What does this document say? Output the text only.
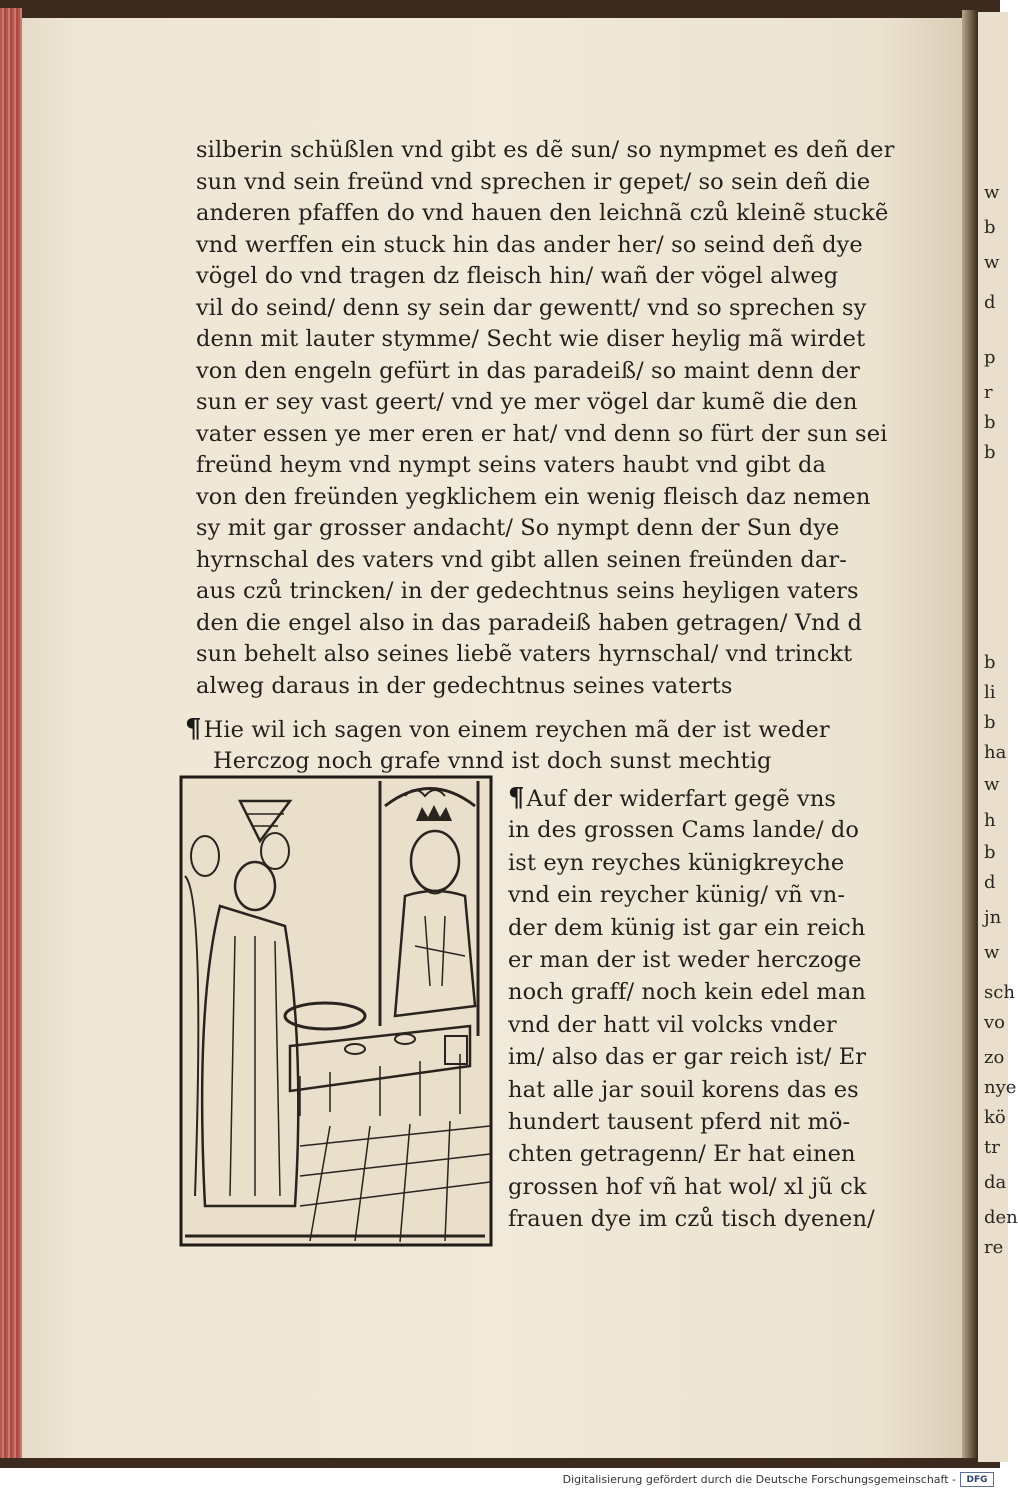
w
b
w
d
p
r
b
b
b
li
b
ha
w
h
b
d
jn
w
sch
vo
zo
nye
kö
tr
da
den
re
silberin schüßlen vnd gibt es dẽ sun/ so nympmet es deñ der
sun vnd sein freünd vnd sprechen ir gepet/ so sein deñ die
anderen pfaffen do vnd hauen den leichnã czů kleinẽ stuckẽ
vnd werffen ein stuck hin das ander her/ so seind deñ dye
vögel do vnd tragen dz fleisch hin/ wañ der vögel alweg
vil do seind/ denn sy sein dar gewentt/ vnd so sprechen sy
denn mit lauter stymme/ Secht wie diser heylig mã wirdet
von den engeln gefürt in das paradeiß/ so maint denn der
sun er sey vast geert/ vnd ye mer vögel dar kumẽ die den
vater essen ye mer eren er hat/ vnd denn so fürt der sun sei
freünd heym vnd nympt seins vaters haubt vnd gibt da
von den freünden yegklichem ein wenig fleisch daz nemen
sy mit gar grosser andacht/ So nympt denn der Sun dye
hyrnschal des vaters vnd gibt allen seinen freünden dar-
aus czů trincken/ in der gedechtnus seins heyligen vaters
den die engel also in das paradeiß haben getragen/ Vnd d
sun behelt also seines liebẽ vaters hyrnschal/ vnd trinckt
alweg daraus in der gedechtnus seines vaterts
¶Hie wil ich sagen von einem reychen mã der ist weder
Herczog noch grafe vnnd ist doch sunst mechtig
¶Auf der widerfart gegẽ vns
in des grossen Cams lande/ do
ist eyn reyches künigkreyche
vnd ein reycher künig/ vñ vn-
der dem künig ist gar ein reich
er man der ist weder herczoge
noch graff/ noch kein edel man
vnd der hatt vil volcks vnder
im/ also das er gar reich ist/ Er
hat alle jar souil korens das es
hundert tausent pferd nit mö-
chten getragenn/ Er hat einen
grossen hof vñ hat wol/ xl jũ ck
frauen dye im czů tisch dyenen/
Digitalisierung gefördert durch die Deutsche Forschungsgemeinschaft -	DFG
